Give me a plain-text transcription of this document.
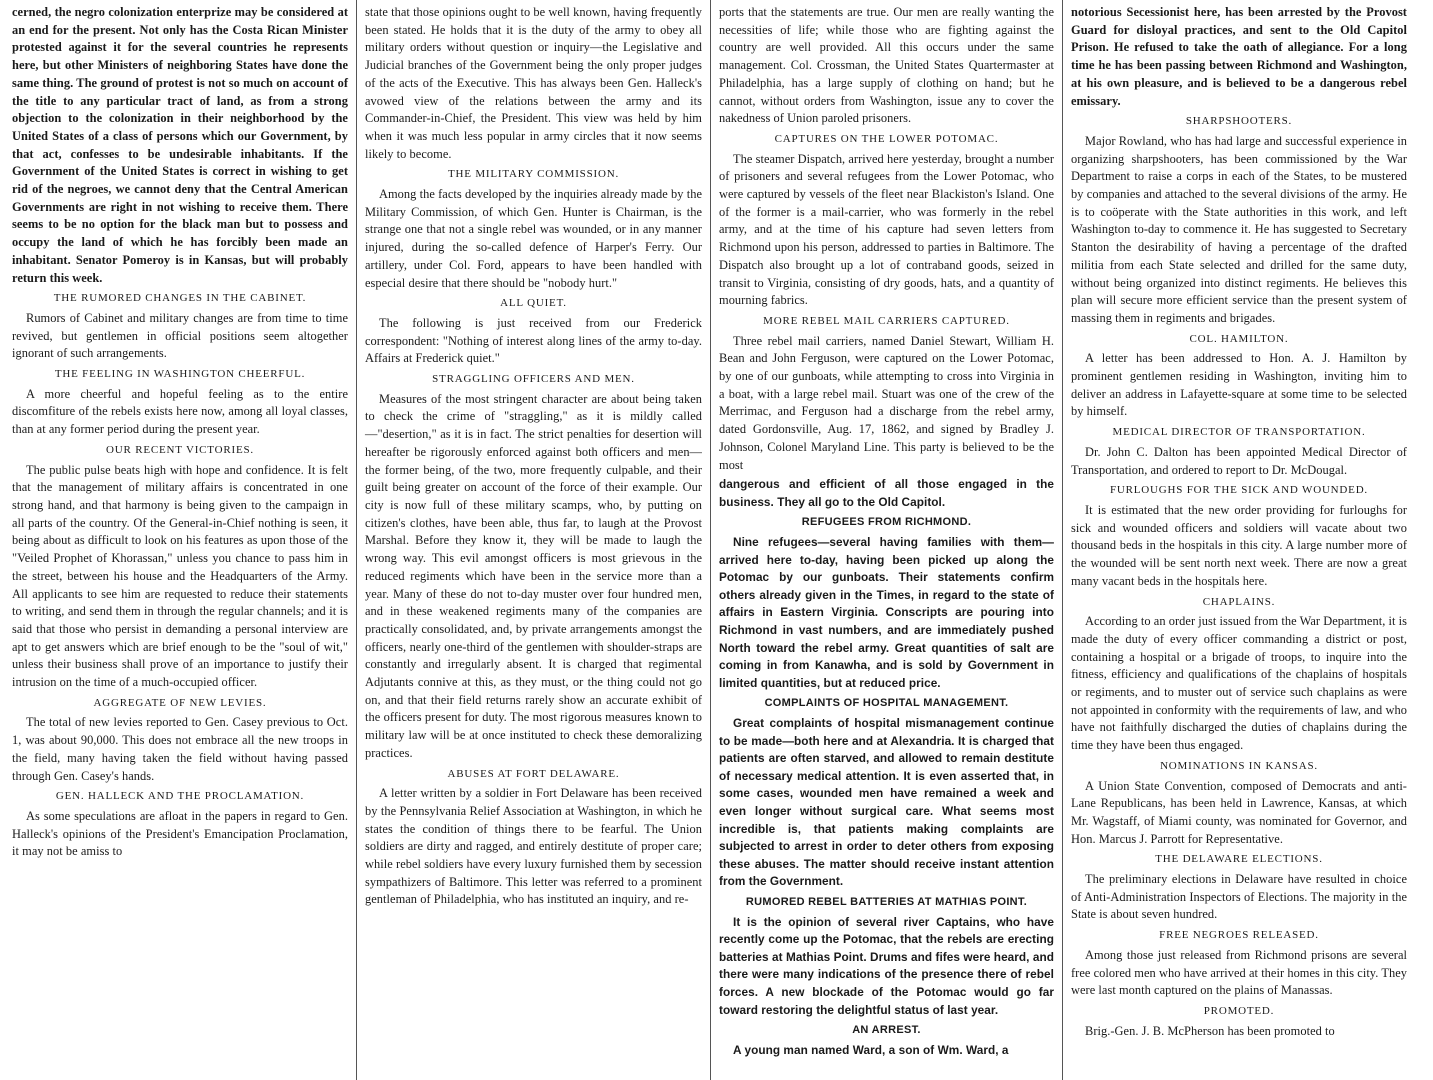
cerned, the negro colonization enterprize may be considered at an end for the present. Not only has the Costa Rican Minister protested against it for the several countries he represents here, but other Ministers of neighboring States have done the same thing. The ground of protest is not so much on account of the title to any particular tract of land, as from a strong objection to the colonization in their neighborhood by the United States of a class of persons which our Government, by that act, confesses to be undesirable inhabitants. If the Government of the United States is correct in wishing to get rid of the negroes, we cannot deny that the Central American Governments are right in not wishing to receive them. There seems to be no option for the black man but to possess and occupy the land of which he has forcibly been made an inhabitant. Senator Pomeroy is in Kansas, but will probably return this week.

THE RUMORED CHANGES IN THE CABINET.

Rumors of Cabinet and military changes are from time to time revived, but gentlemen in official positions seem altogether ignorant of such arrangements.

THE FEELING IN WASHINGTON CHEERFUL.

A more cheerful and hopeful feeling as to the entire discomfiture of the rebels exists here now, among all loyal classes, than at any former period during the present year.

OUR RECENT VICTORIES.

The public pulse beats high with hope and confidence. It is felt that the management of military affairs is concentrated in one strong hand, and that harmony is being given to the campaign in all parts of the country. Of the General-in-Chief nothing is seen, it being about as difficult to look on his features as upon those of the "Veiled Prophet of Khorassan," unless you chance to pass him in the street, between his house and the Headquarters of the Army. All applicants to see him are requested to reduce their statements to writing, and send them in through the regular channels; and it is said that those who persist in demanding a personal interview are apt to get answers which are brief enough to be the "soul of wit," unless their business shall prove of an importance to justify their intrusion on the time of a much-occupied officer.

AGGREGATE OF NEW LEVIES.

The total of new levies reported to Gen. Casey previous to Oct. 1, was about 90,000. This does not embrace all the new troops in the field, many having taken the field without having passed through Gen. Casey's hands.

GEN. HALLECK AND THE PROCLAMATION.

As some speculations are afloat in the papers in regard to Gen. Halleck's opinions of the President's Emancipation Proclamation, it may not be amiss to

state that those opinions ought to be well known, having frequently been stated. He holds that it is the duty of the army to obey all military orders without question or inquiry—the Legislative and Judicial branches of the Government being the only proper judges of the acts of the Executive. This has always been Gen. Halleck's avowed view of the relations between the army and its Commander-in-Chief, the President. This view was held by him when it was much less popular in army circles that it now seems likely to become.

THE MILITARY COMMISSION.

Among the facts developed by the inquiries already made by the Military Commission, of which Gen. Hunter is Chairman, is the strange one that not a single rebel was wounded, or in any manner injured, during the so-called defence of Harper's Ferry. Our artillery, under Col. Ford, appears to have been handled with especial desire that there should be "nobody hurt."

ALL QUIET.

The following is just received from our Frederick correspondent: "Nothing of interest along lines of the army to-day. Affairs at Frederick quiet."

STRAGGLING OFFICERS AND MEN.

Measures of the most stringent character are about being taken to check the crime of "straggling," as it is mildly called—"desertion," as it is in fact. The strict penalties for desertion will hereafter be rigorously enforced against both officers and men—the former being, of the two, more frequently culpable, and their guilt being greater on account of the force of their example. Our city is now full of these military scamps, who, by putting on citizen's clothes, have been able, thus far, to laugh at the Provost Marshal. Before they know it, they will be made to laugh the wrong way. This evil amongst officers is most grievous in the reduced regiments which have been in the service more than a year. Many of these do not to-day muster over four hundred men, and in these weakened regiments many of the companies are practically consolidated, and, by private arrangements amongst the officers, nearly one-third of the gentlemen with shoulder-straps are constantly and irregularly absent. It is charged that regimental Adjutants connive at this, as they must, or the thing could not go on, and that their field returns rarely show an accurate exhibit of the officers present for duty. The most rigorous measures known to military law will be at once instituted to check these demoralizing practices.

ABUSES AT FORT DELAWARE.

A letter written by a soldier in Fort Delaware has been received by the Pennsylvania Relief Association at Washington, in which he states the condition of things there to be fearful. The Union soldiers are dirty and ragged, and entirely destitute of proper care; while rebel soldiers have every luxury furnished them by secession sympathizers of Baltimore. This letter was referred to a prominent gentleman of Philadelphia, who has instituted an inquiry, and re-

ports that the statements are true. Our men are really wanting the necessities of life; while those who are fighting against the country are well provided. All this occurs under the same management. Col. Crossman, the United States Quartermaster at Philadelphia, has a large supply of clothing on hand; but he cannot, without orders from Washington, issue any to cover the nakedness of Union paroled prisoners.

CAPTURES ON THE LOWER POTOMAC.

The steamer Dispatch, arrived here yesterday, brought a number of prisoners and several refugees from the Lower Potomac, who were captured by vessels of the fleet near Blackiston's Island. One of the former is a mail-carrier, who was formerly in the rebel army, and at the time of his capture had seven letters from Richmond upon his person, addressed to parties in Baltimore. The Dispatch also brought up a lot of contraband goods, seized in transit to Virginia, consisting of dry goods, hats, and a quantity of mourning fabrics.

MORE REBEL MAIL CARRIERS CAPTURED.

Three rebel mail carriers, named Daniel Stewart, William H. Bean and John Ferguson, were captured on the Lower Potomac, by one of our gunboats, while attempting to cross into Virginia in a boat, with a large rebel mail. Stuart was one of the crew of the Merrimac, and Ferguson had a discharge from the rebel army, dated Gordonsville, Aug. 17, 1862, and signed by Bradley J. Johnson, Colonel Maryland Line. This party is believed to be the most

dangerous and efficient of all those engaged in the business. They all go to the Old Capitol.

REFUGEES FROM RICHMOND.

Nine refugees—several having families with them—arrived here to-day, having been picked up along the Potomac by our gunboats. Their statements confirm others already given in the Times, in regard to the state of affairs in Eastern Virginia. Conscripts are pouring into Richmond in vast numbers, and are immediately pushed North toward the rebel army. Great quantities of salt are coming in from Kanawha, and is sold by Government in limited quantities, but at reduced price.

COMPLAINTS OF HOSPITAL MANAGEMENT.

Great complaints of hospital mismanagement continue to be made—both here and at Alexandria. It is charged that patients are often starved, and allowed to remain destitute of necessary medical attention. It is even asserted that, in some cases, wounded men have remained a week and even longer without surgical care. What seems most incredible is, that patients making complaints are subjected to arrest in order to deter others from exposing these abuses. The matter should receive instant attention from the Government.

RUMORED REBEL BATTERIES AT MATHIAS POINT.

It is the opinion of several river Captains, who have recently come up the Potomac, that the rebels are erecting batteries at Mathias Point. Drums and fifes were heard, and there were many indications of the presence there of rebel forces. A new blockade of the Potomac would go far toward restoring the delightful status of last year.

AN ARREST.

A young man named Ward, a son of Wm. Ward, a

notorious Secessionist here, has been arrested by the Provost Guard for disloyal practices, and sent to the Old Capitol Prison. He refused to take the oath of allegiance. For a long time he has been passing between Richmond and Washington, at his own pleasure, and is believed to be a dangerous rebel emissary.

SHARPSHOOTERS.

Major Rowland, who has had large and successful experience in organizing sharpshooters, has been commissioned by the War Department to raise a corps in each of the States, to be mustered by companies and attached to the several divisions of the army. He is to coöperate with the State authorities in this work, and left Washington to-day to commence it. He has suggested to Secretary Stanton the desirability of having a percentage of the drafted militia from each State selected and drilled for the same duty, without being organized into distinct regiments. He believes this plan will secure more efficient service than the present system of massing them in regiments and brigades.

COL. HAMILTON.

A letter has been addressed to Hon. A. J. Hamilton by prominent gentlemen residing in Washington, inviting him to deliver an address in Lafayette-square at some time to be selected by himself.

MEDICAL DIRECTOR OF TRANSPORTATION.

Dr. John C. Dalton has been appointed Medical Director of Transportation, and ordered to report to Dr. McDougal.

FURLOUGHS FOR THE SICK AND WOUNDED.

It is estimated that the new order providing for furloughs for sick and wounded officers and soldiers will vacate about two thousand beds in the hospitals in this city. A large number more of the wounded will be sent north next week. There are now a great many vacant beds in the hospitals here.

CHAPLAINS.

According to an order just issued from the War Department, it is made the duty of every officer commanding a district or post, containing a hospital or a brigade of troops, to inquire into the fitness, efficiency and qualifications of the chaplains of hospitals or regiments, and to muster out of service such chaplains as were not appointed in conformity with the requirements of law, and who have not faithfully discharged the duties of chaplains during the time they have been thus engaged.

NOMINATIONS IN KANSAS.

A Union State Convention, composed of Democrats and anti-Lane Republicans, has been held in Lawrence, Kansas, at which Mr. Wagstaff, of Miami county, was nominated for Governor, and Hon. Marcus J. Parrott for Representative.

THE DELAWARE ELECTIONS.

The preliminary elections in Delaware have resulted in choice of Anti-Administration Inspectors of Elections. The majority in the State is about seven hundred.

FREE NEGROES RELEASED.

Among those just released from Richmond prisons are several free colored men who have arrived at their homes in this city. They were last month captured on the plains of Manassas.

PROMOTED.

Brig.-Gen. J. B. McPherson has been promoted to
